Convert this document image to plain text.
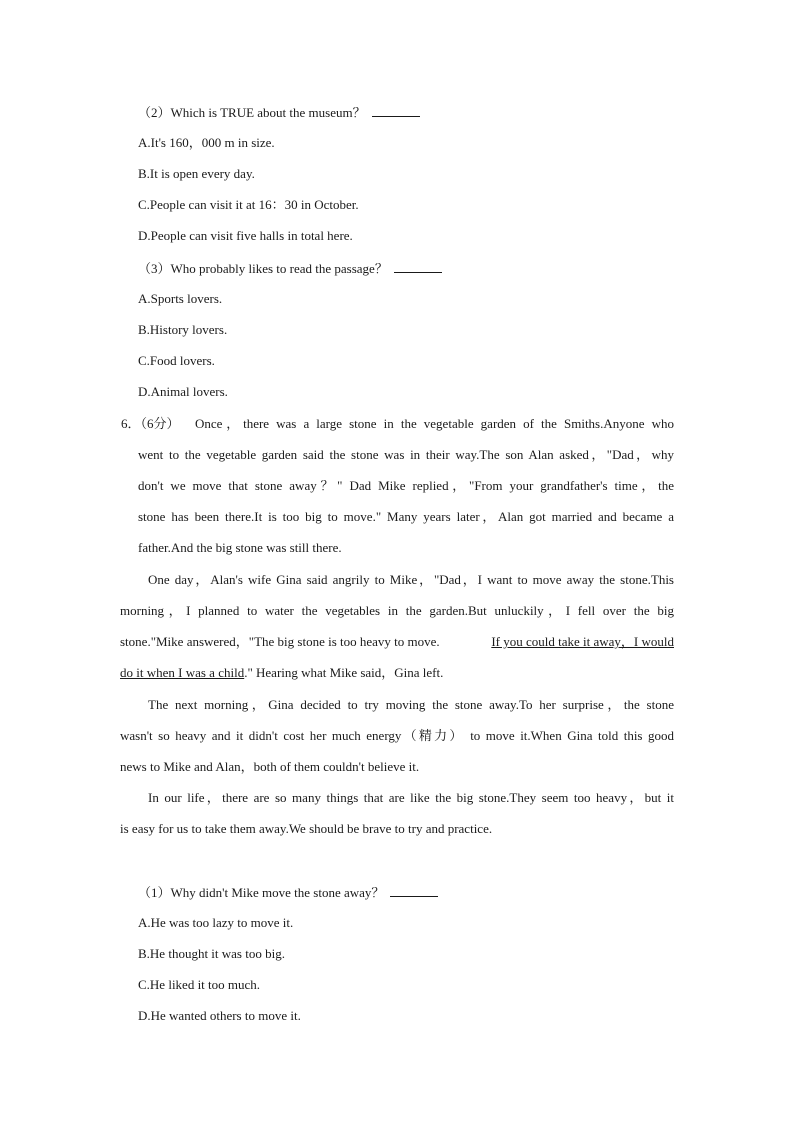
（2）Which is TRUE about the museum？
A.It's 160，000 m in size.
B.It is open every day.
C.People can visit it at 16：30 in October.
D.People can visit five halls in total here.
（3）Who probably likes to read the passage？
A.Sports lovers.
B.History lovers.
C.Food lovers.
D.Animal lovers.
6．（6分） Once，there was a large stone in the vegetable garden of the Smiths.Anyone who
went to the vegetable garden said the stone was in their way.The son Alan asked，"Dad，why
don't we move that stone away？" Dad Mike replied，"From your grandfather's time，the
stone has been there.It is too big to move." Many years later，Alan got married and became a
father.And the big stone was still there.
One day，Alan's wife Gina said angrily to Mike，"Dad，I want to move away the stone.This
morning，I planned to water the vegetables in the garden.But unluckily，I fell over the big
stone."Mike answered，"The big stone is too heavy to move.	If you could take it away，I would
do it when I was a child." Hearing what Mike said，Gina left.
The next morning，Gina decided to try moving the stone away.To her surprise，the stone
wasn't so heavy and it didn't cost her much energy（精力） to move it.When Gina told this good
news to Mike and Alan，both of them couldn't believe it.
In our life，there are so many things that are like the big stone.They seem too heavy，but it
is easy for us to take them away.We should be brave to try and practice.
（1）Why didn't Mike move the stone away？
A.He was too lazy to move it.
B.He thought it was too big.
C.He liked it too much.
D.He wanted others to move it.
